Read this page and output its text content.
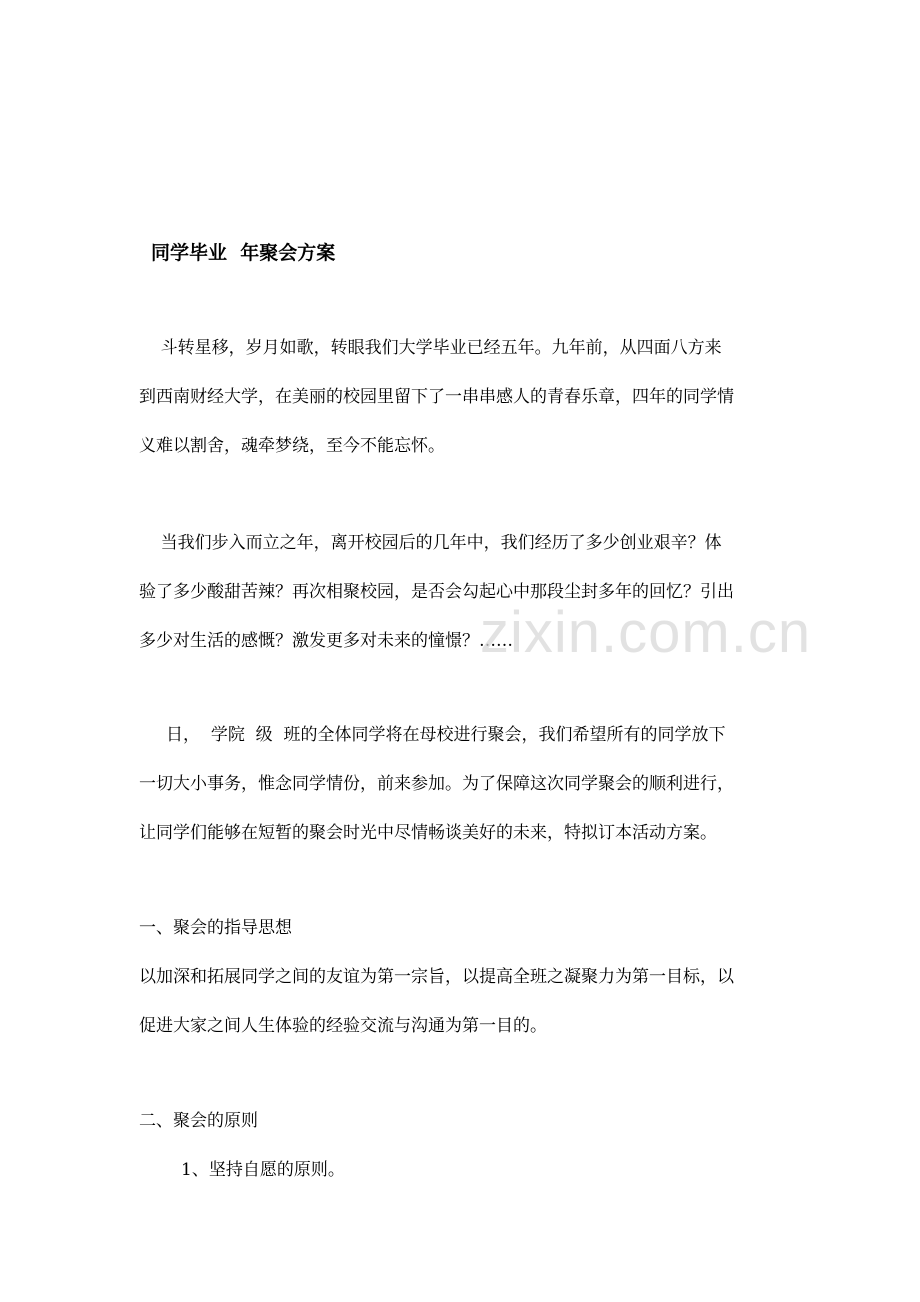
同学毕业  年聚会方案
斗转星移，岁月如歌，转眼我们大学毕业已经五年。九年前，从四面八方来
到西南财经大学，在美丽的校园里留下了一串串感人的青春乐章，四年的同学情
义难以割舍，魂牵梦绕，至今不能忘怀。
当我们步入而立之年，离开校园后的几年中，我们经历了多少创业艰辛？体
验了多少酸甜苦辣？再次相聚校园，是否会勾起心中那段尘封多年的回忆？引出
多少对生活的感慨？激发更多对未来的憧憬？……
日，  学院  级  班的全体同学将在母校进行聚会，我们希望所有的同学放下
一切大小事务，惟念同学情份，前来参加。为了保障这次同学聚会的顺利进行，
让同学们能够在短暂的聚会时光中尽情畅谈美好的未来，特拟订本活动方案。
一、聚会的指导思想
以加深和拓展同学之间的友谊为第一宗旨，以提高全班之凝聚力为第一目标，以
促进大家之间人生体验的经验交流与沟通为第一目的。
二、聚会的原则
1、坚持自愿的原则。
zixin.com.cn
